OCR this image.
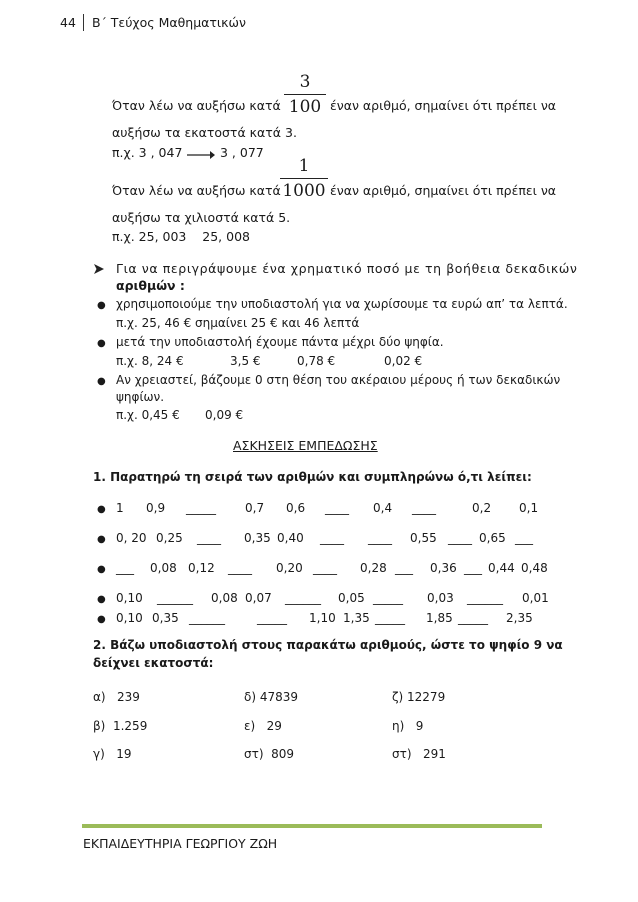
44 Β΄ Τεύχος Μαθηματικών
3
100
Όταν λέω να αυξήσω κατά	έναν αριθμό, σημαίνει ότι πρέπει να
αυξήσω τα εκατοστά κατά 3.
π.χ. 3 , 047	3 , 077
1
1000
Όταν λέω να αυξήσω κατά	έναν αριθμό, σημαίνει ότι πρέπει να
αυξήσω τα χιλιοστά κατά 5.
π.χ. 25, 003    25, 008
Για να περιγράψουμε ένα χρηματικό ποσό με τη βοήθεια δεκαδικών
αριθμών :
● χρησιμοποιούμε την υποδιαστολή για να χωρίσουμε τα ευρώ απ’ τα λεπτά.
π.χ. 25, 46 € σημαίνει 25 € και 46 λεπτά
● μετά την υποδιαστολή έχουμε πάντα μέχρι δύο ψηφία.
π.χ. 8, 24 €	3,5 €	0,78 €	0,02 €
● Αν χρειαστεί, βάζουμε 0 στη θέση του ακέραιου μέρους ή των δεκαδικών
ψηφίων.
π.χ. 0,45 € 0,09 €
ΑΣΚΗΣΕΙΣ ΕΜΠΕΔΩΣΗΣ
1. Παρατηρώ τη σειρά των αριθμών και συμπληρώνω ό,τι λείπει:
● 1 0,9 _____ 0,7 0,6 ____ 0,4 ____	0,2 0,1
● 0, 20 0,25 ____ 0,35 0,40 ____ ____ 0,55 ____ 0,65 ___
● ___ 0,08 0,12 ____ 0,20 ____ 0,28 ___ 0,36 ___ 0,44 0,48
● 0,10 ______ 0,08 0,07 ______ 0,05 _____ 0,03 ______ 0,01
● 0,10 0,35 ______	_____ 1,10 1,35 _____ 1,85 _____ 2,35
2. Βάζω υποδιαστολή στους παρακάτω αριθμούς, ώστε το ψηφίο 9 να
δείχνει εκατοστά:
α)   239	δ) 47839	ζ) 12279
β)  1.259	ε)   29	η)   9
γ)   19	στ)  809	στ)   291
ΕΚΠΑΙΔΕΥΤΗΡΙΑ ΓΕΩΡΓΙΟΥ ΖΩΗ
